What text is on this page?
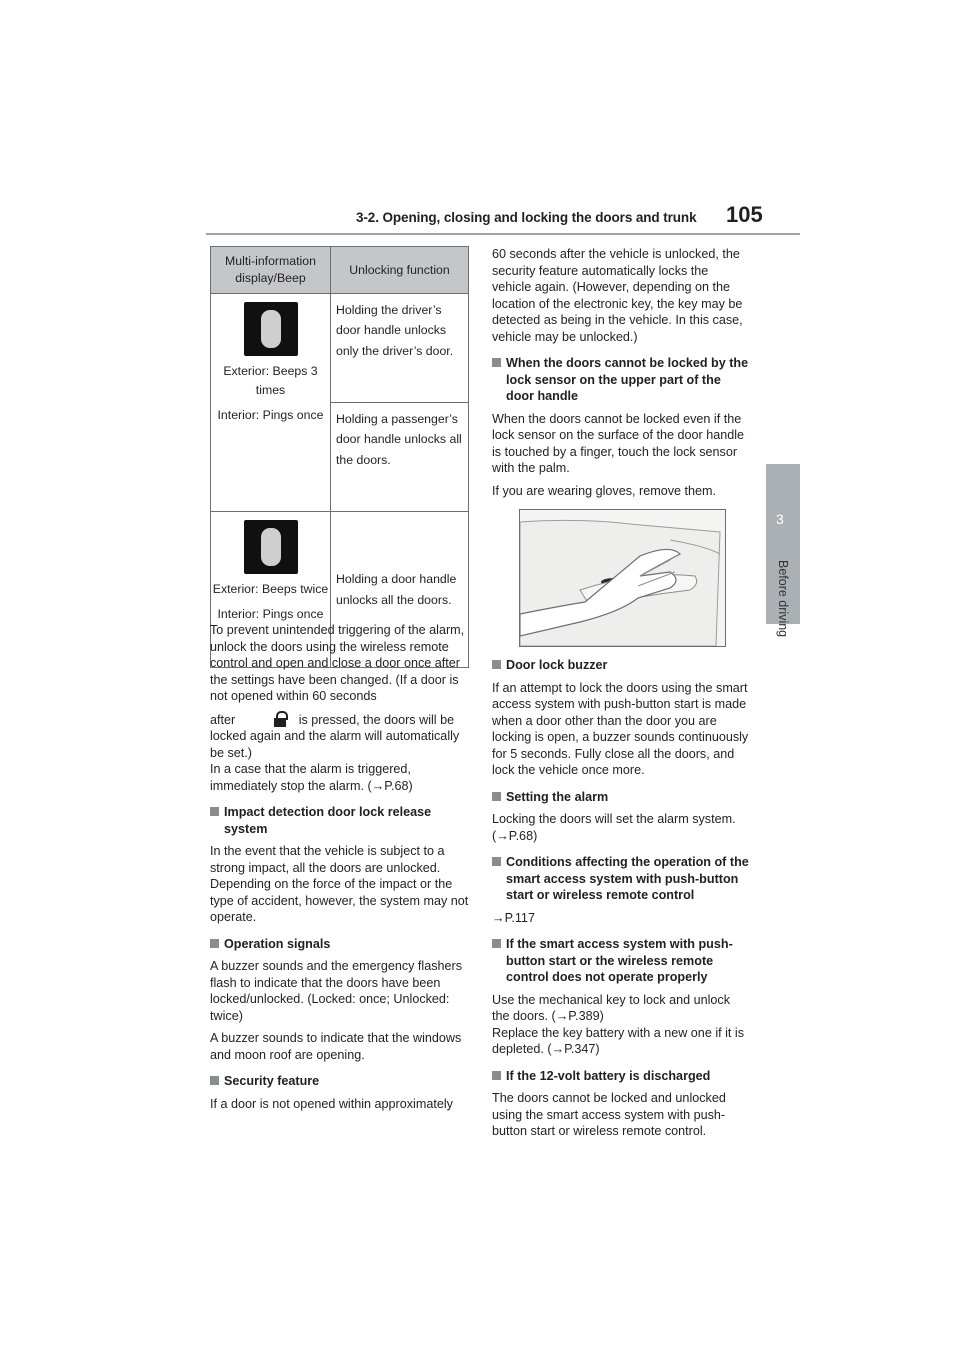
3-2. Opening, closing and locking the doors and trunk 105
3
Before driving
Multi-information display/Beep	Unlocking function

Exterior: Beeps 3 times

Interior: Pings once	Holding the driver’s door handle unlocks only the driver’s door.
	Holding a passenger’s door handle unlocks all the doors.

Exterior: Beeps twice

Interior: Pings once	Holding a door handle unlocks all the doors.

To prevent unintended triggering of the alarm, unlock the doors using the wireless remote control and open and close a door once after the settings have been changed. (If a door is not opened within 60 seconds

after	is pressed, the doors will be locked again and the alarm will automatically be set.)

In a case that the alarm is triggered, immediately stop the alarm. (→P.68)

Impact detection door lock release system

In the event that the vehicle is subject to a strong impact, all the doors are unlocked. Depending on the force of the impact or the type of accident, however, the system may not operate.

Operation signals

A buzzer sounds and the emergency flashers flash to indicate that the doors have been locked/unlocked. (Locked: once; Unlocked: twice)

A buzzer sounds to indicate that the windows and moon roof are opening.

Security feature

If a door is not opened within approximately

60 seconds after the vehicle is unlocked, the security feature automatically locks the vehicle again. (However, depending on the location of the electronic key, the key may be detected as being in the vehicle. In this case, vehicle may be unlocked.)

When the doors cannot be locked by the lock sensor on the upper part of the door handle

When the doors cannot be locked even if the lock sensor on the surface of the door handle is touched by a finger, touch the lock sensor with the palm.

If you are wearing gloves, remove them.

Door lock buzzer

If an attempt to lock the doors using the smart access system with push-button start is made when a door other than the door you are locking is open, a buzzer sounds continuously for 5 seconds. Fully close all the doors, and lock the vehicle once more.

Setting the alarm

Locking the doors will set the alarm system. (→P.68)

Conditions affecting the operation of the smart access system with push-button start or wireless remote control

→P.117

If the smart access system with push-button start or the wireless remote control does not operate properly

Use the mechanical key to lock and unlock the doors. (→P.389)

Replace the key battery with a new one if it is depleted. (→P.347)

If the 12-volt battery is discharged

The doors cannot be locked and unlocked using the smart access system with push-button start or wireless remote control.
